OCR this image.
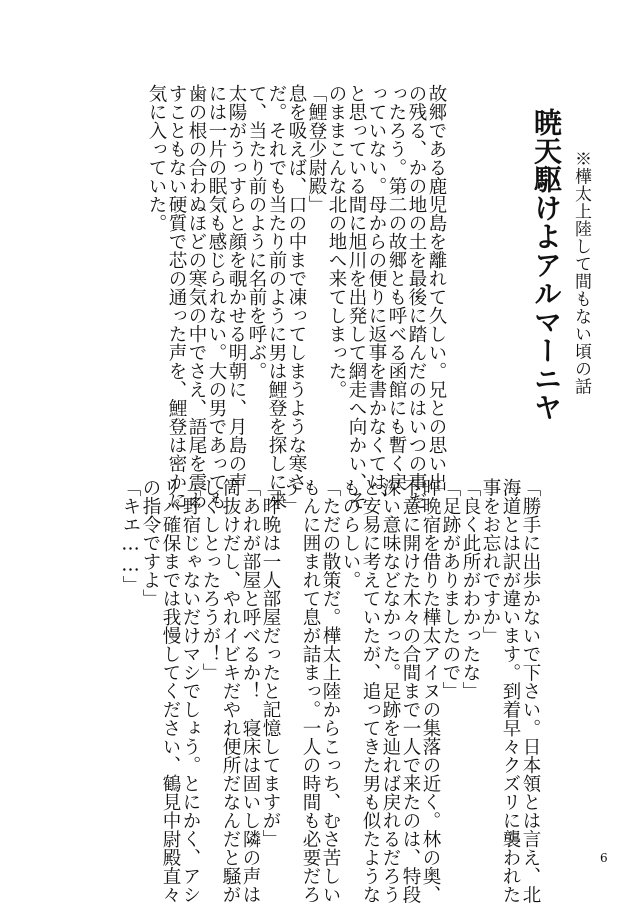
暁天駆けよアルマーニヤ ※樺太上陸して間もない頃の話
故郷である鹿児島を離れて久しい。兄との思い出
の残る、かの地の土を最後に踏んだのはいつの事だ
ったろう。第二の故郷とも呼べる函館にも暫く戻
っていない。母からの便りに返事を書かなくては、
と思っている間に旭川を出発して網走へ向かい、そ
のままこんな北の地へ来てしまった。
「鯉登少尉殿」
息を吸えば、口の中まで凍ってしまうような寒さ
だ。それでも当たり前のように男は鯉登を探しに来
て、当たり前のように名前を呼ぶ。
太陽がうっすらと顔を覗かせる明朝に、月島の声
には一片の眠気も感じられない。大の男であっても
歯の根の合わぬほどの寒気の中でさえ、語尾を震わ
すこともない硬質で芯の通った声を、鯉登は密かに
気に入っていた。
「勝手に出歩かないで下さい。日本領とは言え、北
海道とは訳が違います。到着早々クズリに襲われた
事をお忘れですか」
「良く此所がわかったな」
「足跡がありましたので」
昨晩宿を借りた樺太アイヌの集落の近く。林の奥、
不意に開けた木々の合間まで一人で来たのは、特段
深い意味などなかった。足跡を辿れば戻れるだろう
と安易に考えていたが、追ってきた男も似たような
ものらしい。
「ただの散策だ。樺太上陸からこっち、むさ苦しい
もんに囲まれて息が詰まっ。一人の時間も必要だろ
う」
「昨晩は一人部屋だったと記憶してますが」
「あれが部屋と呼べるか！　寝床は固いし隣の声は
筒抜けだし、やれイビキだやれ便所だなんだと騒が
しくしとったろうが！」
「野宿じゃないだけマシでしょう。とにかく、アシ
リパ確保までは我慢してください、鶴見中尉殿直々
の指令ですよ」
「キエ……」
6
